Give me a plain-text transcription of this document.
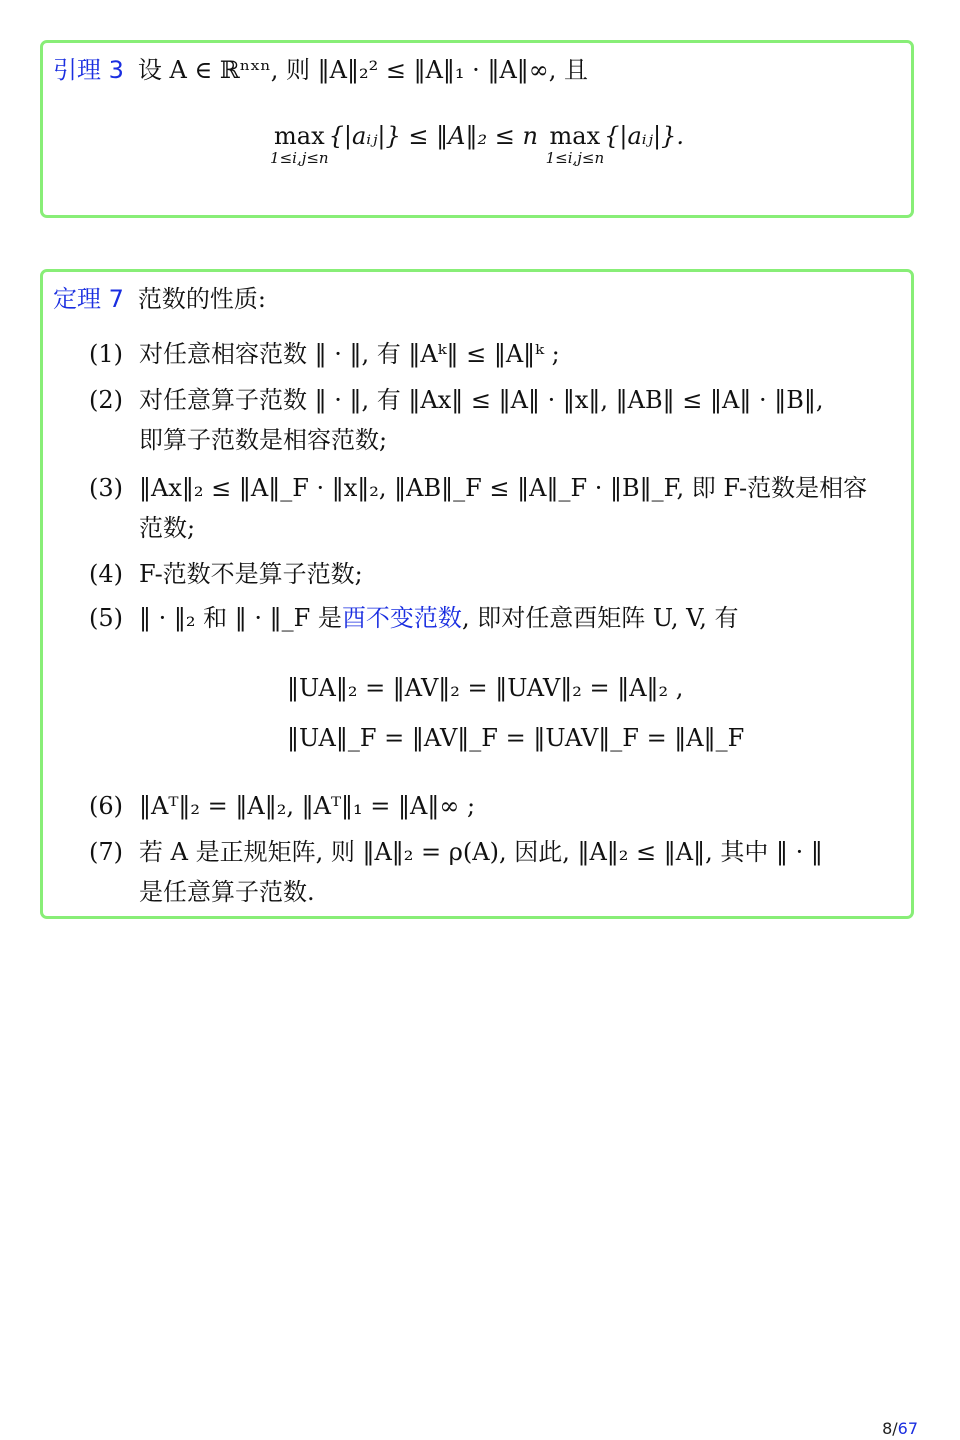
引理 3 设 A ∈ ℝⁿˣⁿ, 则 ‖A‖₂² ≤ ‖A‖₁ · ‖A‖∞, 且
max
1≤i,j≤n
{|aᵢⱼ|} ≤ ‖A‖₂ ≤ n max
1≤i,j≤n
{|aᵢⱼ|}.
定理 7 范数的性质:
(1) 对任意相容范数 ‖ · ‖, 有 ‖Aᵏ‖ ≤ ‖A‖ᵏ ;
(2) 对任意算子范数 ‖ · ‖, 有 ‖Ax‖ ≤ ‖A‖ · ‖x‖, ‖AB‖ ≤ ‖A‖ · ‖B‖,
即算子范数是相容范数;
(3) ‖Ax‖₂ ≤ ‖A‖_F · ‖x‖₂, ‖AB‖_F ≤ ‖A‖_F · ‖B‖_F, 即 F-范数是相容
范数;
(4) F-范数不是算子范数;
(5) ‖ · ‖₂ 和 ‖ · ‖_F 是酉不变范数, 即对任意酉矩阵 U, V, 有
‖UA‖₂ = ‖AV‖₂ = ‖UAV‖₂ = ‖A‖₂ ,
‖UA‖_F = ‖AV‖_F = ‖UAV‖_F = ‖A‖_F
(6) ‖Aᵀ‖₂ = ‖A‖₂, ‖Aᵀ‖₁ = ‖A‖∞ ;
(7) 若 A 是正规矩阵, 则 ‖A‖₂ = ρ(A), 因此, ‖A‖₂ ≤ ‖A‖, 其中 ‖ · ‖
是任意算子范数.
8/67
